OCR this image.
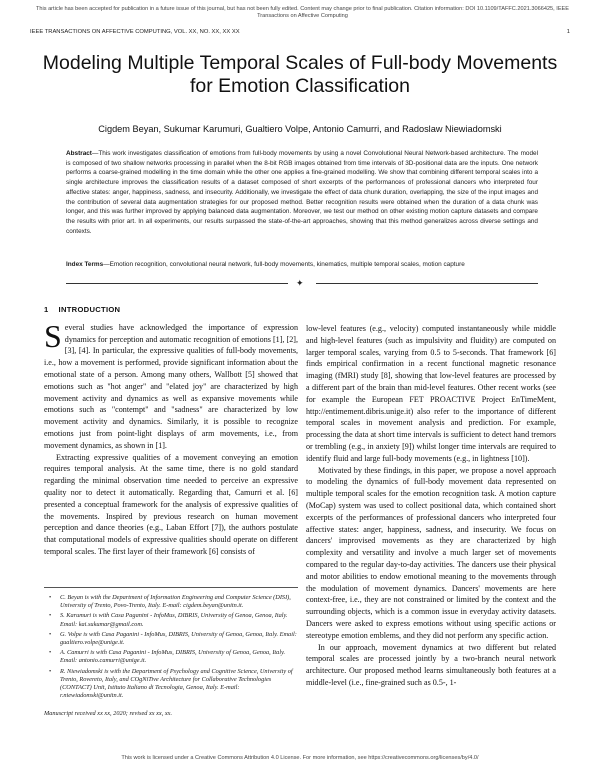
This article has been accepted for publication in a future issue of this journal, but has not been fully edited. Content may change prior to final publication. Citation information: DOI 10.1109/TAFFC.2021.3066425, IEEE Transactions on Affective Computing
IEEE TRANSACTIONS ON AFFECTIVE COMPUTING, VOL. XX, NO. XX, XX XX	1
Modeling Multiple Temporal Scales of Full-body Movements for Emotion Classification
Cigdem Beyan, Sukumar Karumuri, Gualtiero Volpe, Antonio Camurri, and Radoslaw Niewiadomski
Abstract—This work investigates classification of emotions from full-body movements by using a novel Convolutional Neural Network-based architecture. The model is composed of two shallow networks processing in parallel when the 8-bit RGB images obtained from time intervals of 3D-positional data are the inputs. One network performs a coarse-grained modelling in the time domain while the other one applies a fine-grained modelling. We show that combining different temporal scales into a single architecture improves the classification results of a dataset composed of short excerpts of the performances of professional dancers who interpreted four affective states: anger, happiness, sadness, and insecurity. Additionally, we investigate the effect of data chunk duration, overlapping, the size of the input images and the contribution of several data augmentation strategies for our proposed method. Better recognition results were obtained when the duration of a data chunk was longer, and this was further improved by applying balanced data augmentation. Moreover, we test our method on other existing motion capture datasets and compare the results with prior art. In all experiments, our results surpassed the state-of-the-art approaches, showing that this method generalizes across diverse settings and contexts.
Index Terms—Emotion recognition, convolutional neural network, full-body movements, kinematics, multiple temporal scales, motion capture
✦
1 INTRODUCTION

Several studies have acknowledged the importance of expression dynamics for perception and automatic recognition of emotions [1], [2], [3], [4]. In particular, the expressive qualities of full-body movements, i.e., how a movement is performed, provide significant information about the emotional state of a person. Among many others, Wallbott [5] showed that emotions such as "hot anger" and "elated joy" are characterized by high movement activity and dynamics as well as expansive movements while emotions such as "contempt" and "sadness" are characterized by low movement activity and dynamics. Similarly, it is possible to recognize emotions just from point-light displays of arm movements, i.e., from movement dynamics, as shown in [1].

Extracting expressive qualities of a movement conveying an emotion requires temporal analysis. At the same time, there is no gold standard regarding the minimal observation time needed to perceive an expressive quality nor to detect it automatically. Regarding that, Camurri et al. [6] presented a conceptual framework for the analysis of expressive qualities of the movements. Inspired by previous research on human movement perception and dance theories (e.g., Laban Effort [7]), the authors postulate that computational models of expressive qualities should operate on different temporal scales. The first layer of their framework [6] consists of

• C. Beyan is with the Department of Information Engineering and Computer Science (DISI), University of Trento, Povo-Trento, Italy. E-mail: cigdem.beyan@unitn.it.
• S. Karumuri is with Casa Paganini - InfoMus, DIBRIS, University of Genoa, Genoa, Italy. Email: kai.sukumar@gmail.com.
• G. Volpe is with Casa Paganini - InfoMus, DIBRIS, University of Genoa, Genoa, Italy. Email: gualtiero.volpe@unige.it.
• A. Camurri is with Casa Paganini - InfoMus, DIBRIS, University of Genoa, Genoa, Italy. Email: antonio.camurri@unige.it.
• R. Niewiadomski is with the Department of Psychology and Cognitive Science, University of Trento, Rovereto, Italy, and COgNiTive Architecture for Collaborative Technologies (CONTACT) Unit, Istituto Italiano di Tecnologia, Genoa, Italy. E-mail: r.niewiadomski@unitn.it.
Manuscript received xx xx, 2020; revised xx xx, xx.

low-level features (e.g., velocity) computed instantaneously while middle and high-level features (such as impulsivity and fluidity) are computed on larger temporal scales, varying from 0.5 to 5-seconds. That framework [6] finds empirical confirmation in a recent functional magnetic resonance imaging (fMRI) study [8], showing that low-level features are processed by a different part of the brain than mid-level features. Other recent works (see for example the European FET PROACTIVE Project EnTimeMent, http://entimement.dibris.unige.it) also refer to the importance of different temporal scales in movement analysis and prediction. For example, processing the data at short time intervals is sufficient to detect hand tremors or trembling (e.g., in anxiety [9]) whilst longer time intervals are required to identify fluid and large full-body movements (e.g., in lightness [10]).

Motivated by these findings, in this paper, we propose a novel approach to modeling the dynamics of full-body movement data represented on multiple temporal scales for the emotion recognition task. A motion capture (MoCap) system was used to collect positional data, which contained short excerpts of the performances of professional dancers who interpreted four affective states: anger, happiness, sadness, and insecurity. We focus on dancers' improvised movements as they are characterized by high complexity and versatility and involve a much larger set of movements compared to the regular day-to-day activities. The dancers use their physical and motor abilities to endow emotional meaning to the movements through the modulation of movement dynamics. Dancers' movements are here context-free, i.e., they are not constrained or limited by the context and the surrounding objects, which is a common issue in everyday activity datasets. Dancers were asked to express emotions without using specific actions or stereotype emotion emblems, and they did not perform any specific action.

In our approach, movement dynamics at two different but related temporal scales are processed jointly by a two-branch neural network architecture. Our proposed method learns simultaneously both features at a middle-level (i.e., fine-grained such as 0.5-, 1-

This work is licensed under a Creative Commons Attribution 4.0 License. For more information, see https://creativecommons.org/licenses/by/4.0/
